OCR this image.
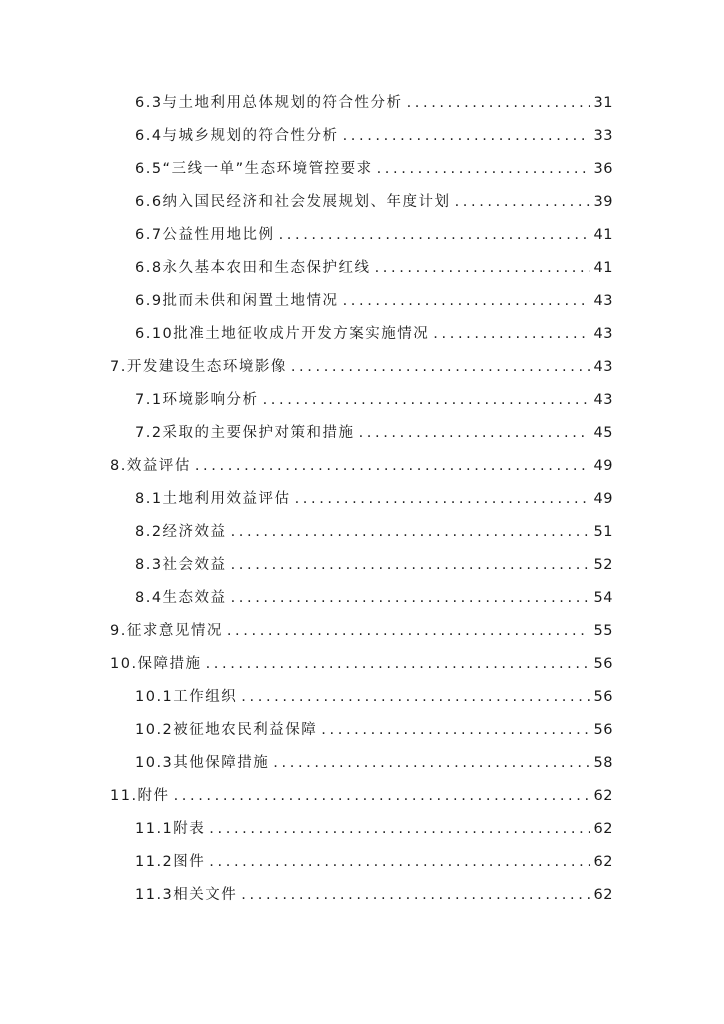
6.3与土地利用总体规划的符合性分析 . . .	31
6.4与城乡规划的符合性分析 . . .	33
6.5“三线一单”生态环境管控要求 . . .	36
6.6纳入国民经济和社会发展规划、年度计划 . . .	39
6.7公益性用地比例 . . .	41
6.8永久基本农田和生态保护红线 . . .	41
6.9批而未供和闲置土地情况 . . .	43
6.10批准土地征收成片开发方案实施情况 . . .	43
7.开发建设生态环境影像 . . .	43
7.1环境影响分析 . . .	43
7.2采取的主要保护对策和措施 . . .	45
8.效益评估 . . .	49
8.1土地利用效益评估 . . .	49
8.2经济效益 . . .	51
8.3社会效益 . . .	52
8.4生态效益 . . .	54
9.征求意见情况 . . .	55
10.保障措施 . . .	56
10.1工作组织 . . .	56
10.2被征地农民利益保障 . . .	56
10.3其他保障措施 . . .	58
11.附件 . . .	62
11.1附表 . . .	62
11.2图件 . . .	62
11.3相关文件 . . .	62
